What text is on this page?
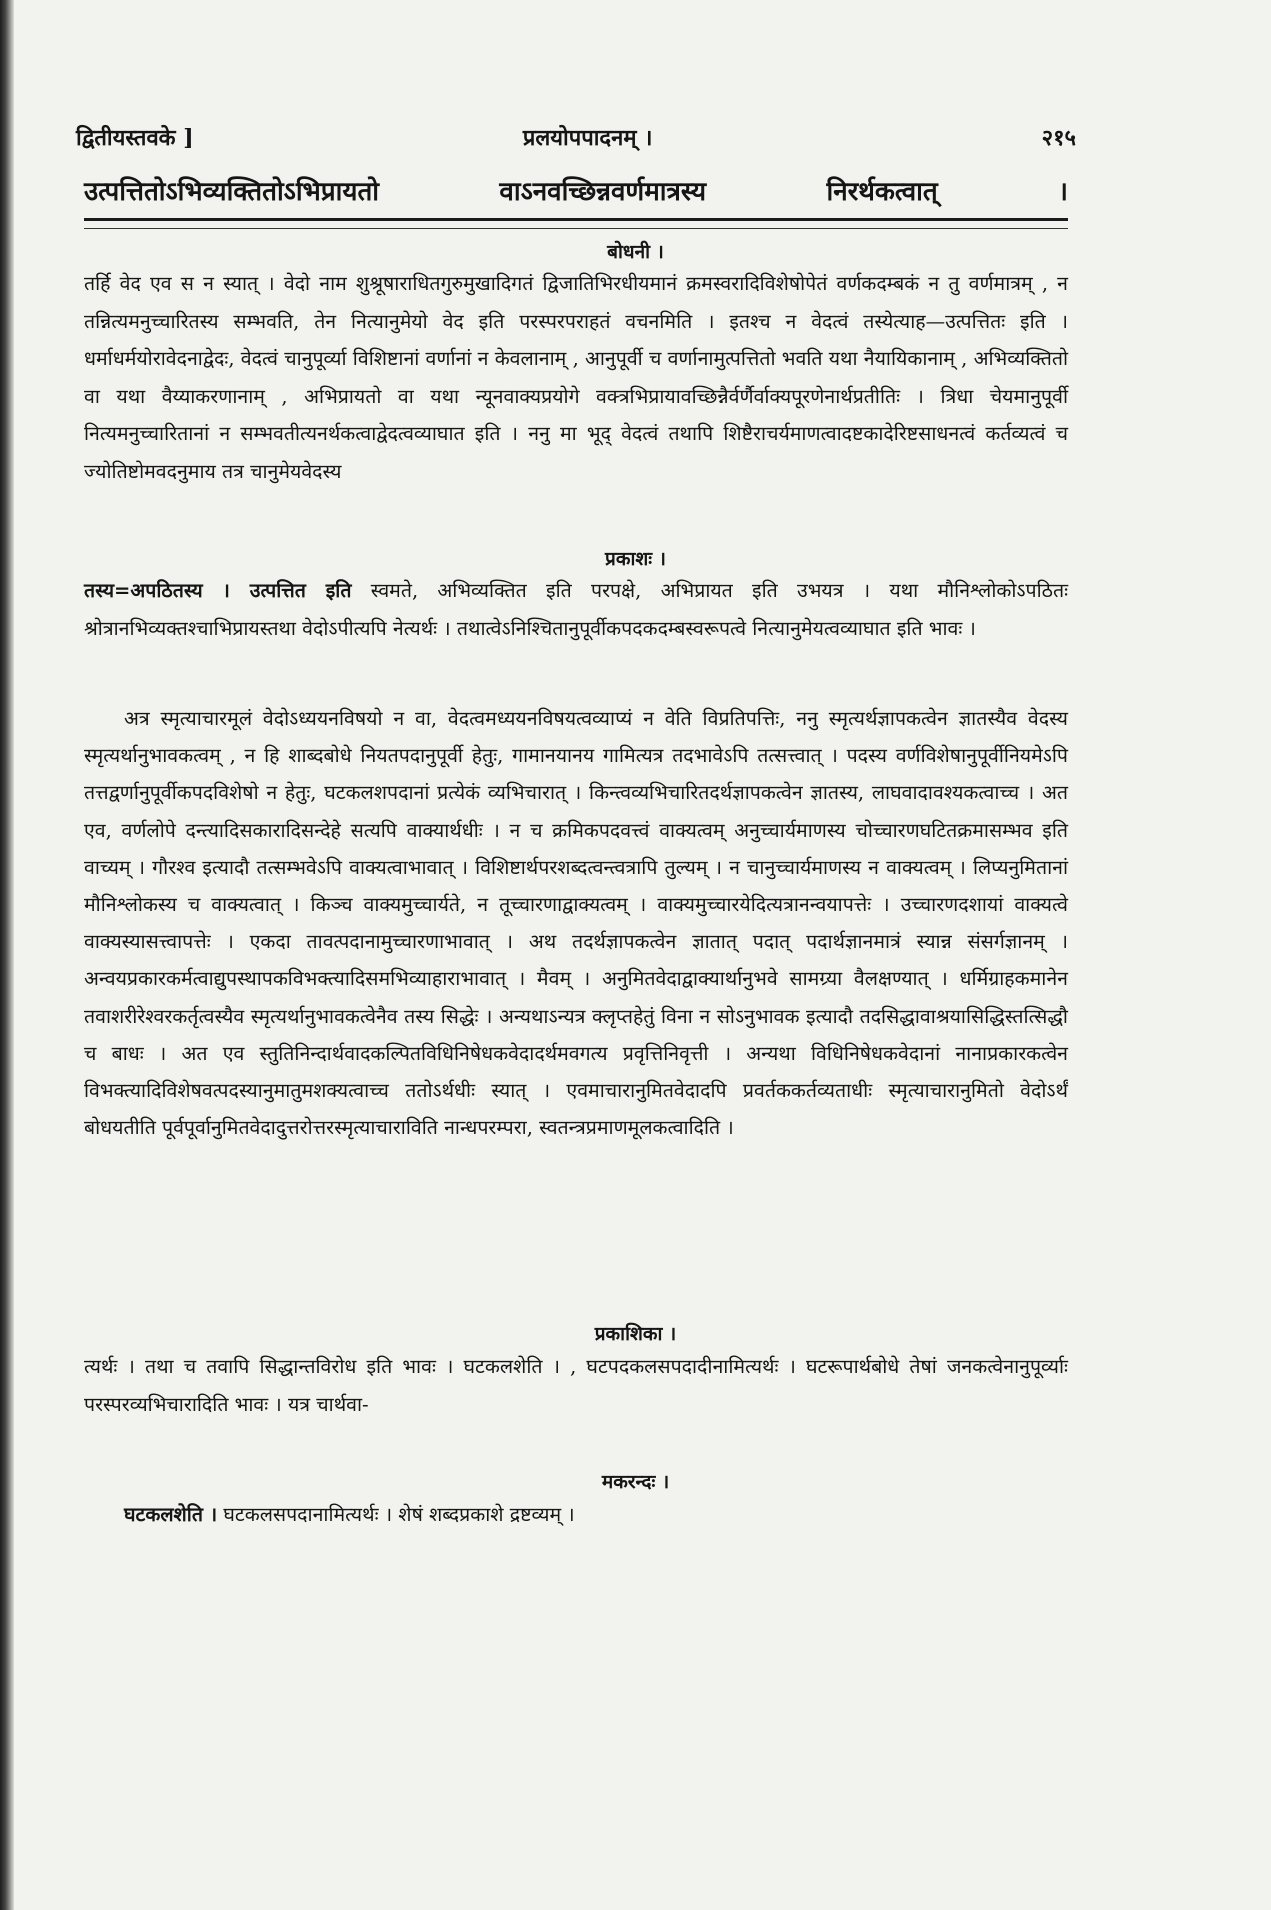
द्वितीयस्तवके ]	प्रलयोपपादनम् ।	२१५
उत्पत्तितोऽभिव्यक्तितोऽभिप्रायतो वाऽनवच्छिन्नवर्णमात्रस्य निरर्थकत्वात् ।
बोधनी ।
तर्हि वेद एव स न स्यात् । वेदो नाम शुश्रूषाराधितगुरुमुखादिगतं द्विजातिभिरधीयमानं क्रमस्वरादिविशेषोपेतं वर्णकदम्बकं न तु वर्णमात्रम् , न तन्नित्यमनुच्चारितस्य सम्भवति, तेन नित्यानुमेयो वेद इति परस्परपराहतं वचनमिति । इतश्च न वेदत्वं तस्येत्याह—उत्पत्तितः इति । धर्माधर्मयोरावेदनाद्वेदः, वेदत्वं चानुपूर्व्या विशिष्टानां वर्णानां न केवलानाम् , आनुपूर्वी च वर्णानामुत्पत्तितो भवति यथा नैयायिकानाम् , अभिव्यक्तितो वा यथा वैय्याकरणानाम् , अभिप्रायतो वा यथा न्यूनवाक्यप्रयोगे वक्त्रभिप्रायावच्छिन्नैर्वर्णैर्वाक्यपूरणेनार्थप्रतीतिः । त्रिधा चेयमानुपूर्वी नित्यमनुच्चारितानां न सम्भवतीत्यनर्थकत्वाद्वेदत्वव्याघात इति । ननु मा भूद् वेदत्वं तथापि शिष्टैराचर्यमाणत्वादष्टकादेरिष्टसाधनत्वं कर्तव्यत्वं च ज्योतिष्टोमवदनुमाय तत्र चानुमेयवेदस्य
प्रकाशः ।
तस्य=अपठितस्य । उत्पत्तित इति स्वमते, अभिव्यक्तित इति परपक्षे, अभिप्रायत इति उभयत्र । यथा मौनिश्लोकोऽपठितः श्रोत्रानभिव्यक्तश्चाभिप्रायस्तथा वेदोऽपीत्यपि नेत्यर्थः । तथात्वेऽनिश्चितानुपूर्वीकपदकदम्बस्वरूपत्वे नित्यानुमेयत्वव्याघात इति भावः ।
अत्र स्मृत्याचारमूलं वेदोऽध्ययनविषयो न वा, वेदत्वमध्ययनविषयत्वव्याप्यं न वेति विप्रतिपत्तिः, ननु स्मृत्यर्थज्ञापकत्वेन ज्ञातस्यैव वेदस्य स्मृत्यर्थानुभावकत्वम् , न हि शाब्दबोधे नियतपदानुपूर्वी हेतुः, गामानयानय गामित्यत्र तदभावेऽपि तत्सत्त्वात् । पदस्य वर्णविशेषानुपूर्वीनियमेऽपि तत्तद्वर्णानुपूर्वीकपदविशेषो न हेतुः, घटकलशपदानां प्रत्येकं व्यभिचारात् । किन्त्वव्यभिचारितदर्थज्ञापकत्वेन ज्ञातस्य, लाघवादावश्यकत्वाच्च । अत एव, वर्णलोपे दन्त्यादिसकारादिसन्देहे सत्यपि वाक्यार्थधीः । न च क्रमिकपदवत्त्वं वाक्यत्वम् अनुच्चार्यमाणस्य चोच्चारणघटितक्रमासम्भव इति वाच्यम् । गौरश्व इत्यादौ तत्सम्भवेऽपि वाक्यत्वाभावात् । विशिष्टार्थपरशब्दत्वन्त्वत्रापि तुल्यम् । न चानुच्चार्यमाणस्य न वाक्यत्वम् । लिप्यनुमितानां मौनिश्लोकस्य च वाक्यत्वात् । किञ्च वाक्यमुच्चार्यते, न तूच्चारणाद्वाक्यत्वम् । वाक्यमुच्चारयेदित्यत्रानन्वयापत्तेः । उच्चारणदशायां वाक्यत्वे वाक्यस्यासत्त्वापत्तेः । एकदा तावत्पदानामुच्चारणाभावात् । अथ तदर्थज्ञापकत्वेन ज्ञातात् पदात् पदार्थज्ञानमात्रं स्यान्न संसर्गज्ञानम् । अन्वयप्रकारकर्मत्वाद्युपस्थापकविभक्त्यादिसमभिव्याहाराभावात् । मैवम् । अनुमितवेदाद्वाक्यार्थानुभवे सामग्र्या वैलक्षण्यात् । धर्मिग्राहकमानेन तवाशरीरेश्वरकर्तृत्वस्यैव स्मृत्यर्थानुभावकत्वेनैव तस्य सिद्धेः । अन्यथाऽन्यत्र क्लृप्तहेतुं विना न सोऽनुभावक इत्यादौ तदसिद्धावाश्रयासिद्धिस्तत्सिद्धौ च बाधः । अत एव स्तुतिनिन्दार्थवादकल्पितविधिनिषेधकवेदादर्थमवगत्य प्रवृत्तिनिवृत्ती । अन्यथा विधिनिषेधकवेदानां नानाप्रकारकत्वेन विभक्त्यादिविशेषवत्पदस्यानुमातुमशक्यत्वाच्च ततोऽर्थधीः स्यात् । एवमाचारानुमितवेदादपि प्रवर्तककर्तव्यताधीः स्मृत्याचारानुमितो वेदोऽर्थं बोधयतीति पूर्वपूर्वानुमितवेदादुत्तरोत्तरस्मृत्याचाराविति नान्धपरम्परा, स्वतन्त्रप्रमाणमूलकत्वादिति ।
प्रकाशिका ।
त्यर्थः । तथा च तवापि सिद्धान्तविरोध इति भावः । घटकलशेति । , घटपदकलसपदादीनामित्यर्थः । घटरूपार्थबोधे तेषां जनकत्वेनानुपूर्व्याः परस्परव्यभिचारादिति भावः । यत्र चार्थवा-
मकरन्दः ।
घटकलशेति । घटकलसपदानामित्यर्थः । शेषं शब्दप्रकाशे द्रष्टव्यम् ।
